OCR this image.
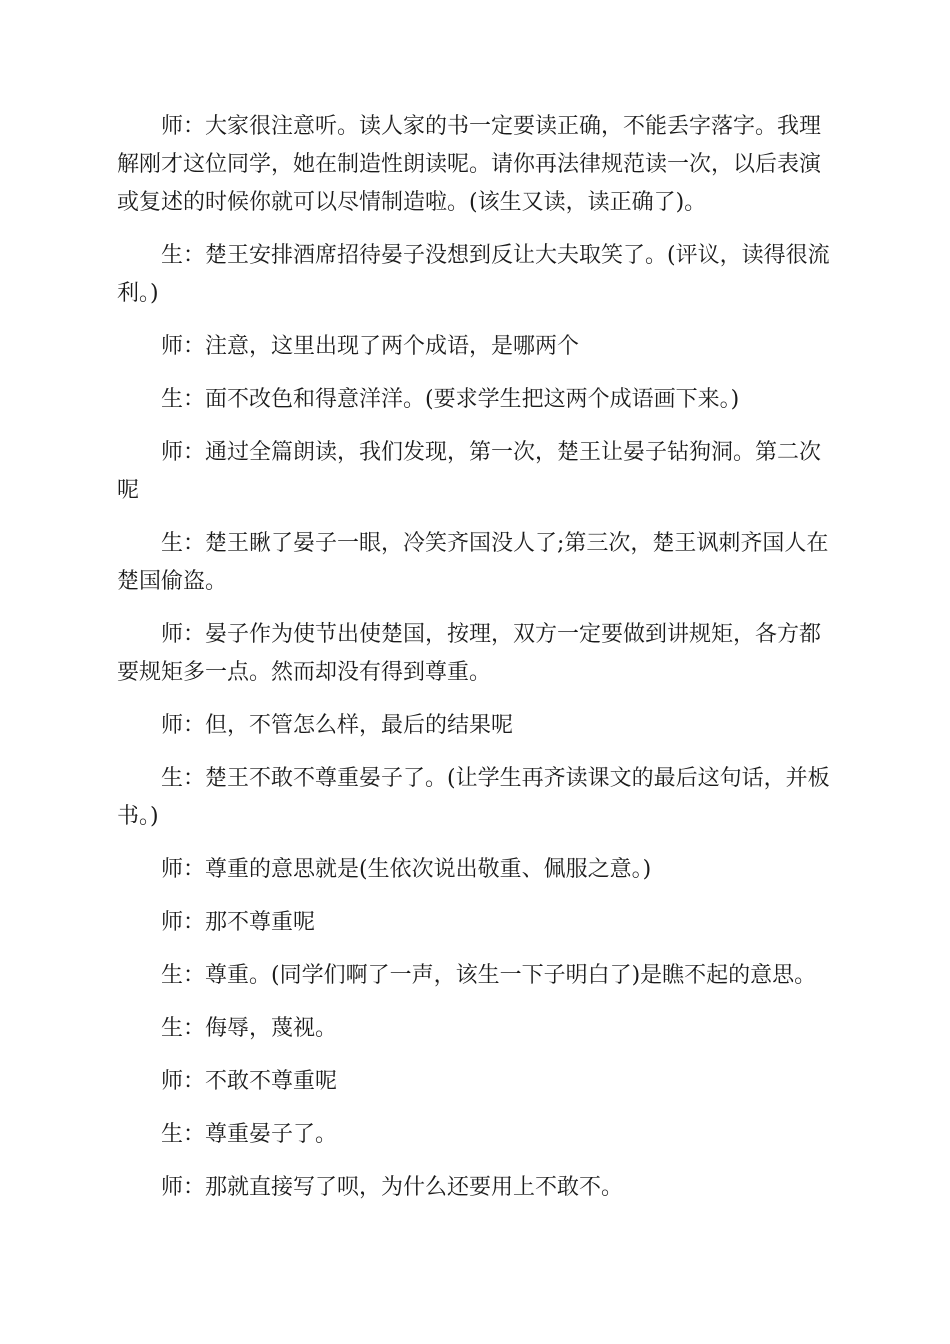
师：大家很注意听。读人家的书一定要读正确，不能丢字落字。我理解刚才这位同学，她在制造性朗读呢。请你再法律规范读一次，以后表演或复述的时候你就可以尽情制造啦。(该生又读，读正确了)。

生：楚王安排酒席招待晏子没想到反让大夫取笑了。(评议，读得很流利。)

师：注意，这里出现了两个成语，是哪两个

生：面不改色和得意洋洋。(要求学生把这两个成语画下来。)

师：通过全篇朗读，我们发现，第一次，楚王让晏子钻狗洞。第二次呢

生：楚王瞅了晏子一眼，冷笑齐国没人了;第三次，楚王讽刺齐国人在楚国偷盗。

师：晏子作为使节出使楚国，按理，双方一定要做到讲规矩，各方都要规矩多一点。然而却没有得到尊重。

师：但，不管怎么样，最后的结果呢

生：楚王不敢不尊重晏子了。(让学生再齐读课文的最后这句话，并板书。)

师：尊重的意思就是(生依次说出敬重、佩服之意。)

师：那不尊重呢

生：尊重。(同学们啊了一声，该生一下子明白了)是瞧不起的意思。

生：侮辱，蔑视。

师：不敢不尊重呢

生：尊重晏子了。

师：那就直接写了呗，为什么还要用上不敢不。
